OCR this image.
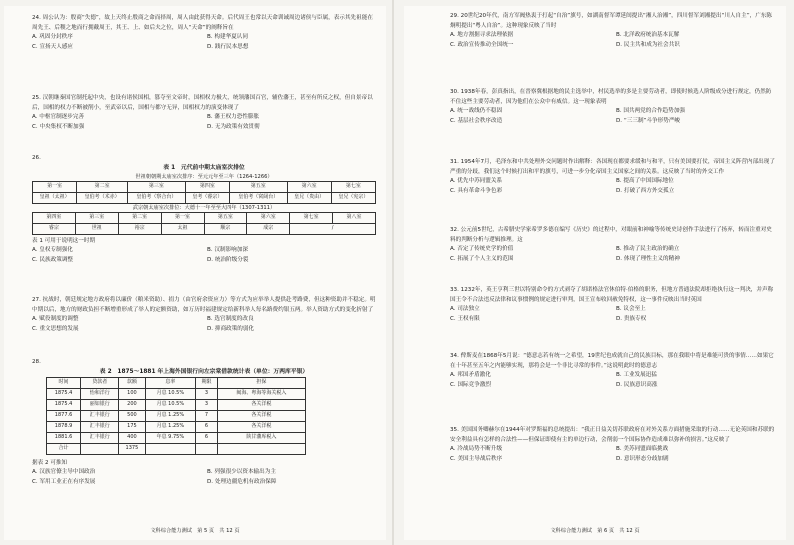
24. 周公认为：殷商“失德”，故上天终止殷商之命而择周，周人由此获得天命。后代周王也常以天命训诫周边诸侯与臣属，表示其先祖能在周先王、后稷之地而行拥戴周王，其王、上、如后夫之位，周人“天命”的阐释旨在

A. 巩固分封秩序	B. 构建华夏认同
C. 宣扬天人感应	D. 践行民本思想

25. 汉朝继秦国官制托起中央，也设有诸侯国相，篡夺至文帝时，国相权力极大，统领藩国百官，辅佐藩王，甚至有所反之权，但自景帝以后，国相的权力不断被削小，至武帝以后，国相与都守无异，国相权力的演变体现了

A. 中枢官制逐步完善	B. 藩王权力恐性膨胀
C. 中央集权不断加强	D. 无为政策有效贯彻

26.

表 1　元代前中期太庙室次排位
世祖朝朝期太庙室次排序：至元元年至三年（1264-1266）
第一室	第二室	第三室	第四室	第五室	第六室	第七室
皇祖（太祖）	皇伯考（术赤）	皇伯考（察合台）	皇考（睿宗）	皇伯考（窝阔台）	皇兄（贵由）	皇兄（宪宗）
武宗朝太庙室次排位：大德十一年至至大四年（1307-1311）
第四室	第三室	第二室	第一室	第五室	第六室	第七室	第八室
睿宗	世祖	裕宗	太祖	顺宗	成宗	/	

表 1 可用于说明这一时期

A. 皇权专制强化	B. 汉制影响加深
C. 民族政策调整	D. 统治阶级分裂

27. 抗战时，朝廷规定地方政府将以廉价（粮米资助）、捐力（由官府余资应力）等方式为应举举人提供赴考路费，但这种资助并不稳定。明中期以后，地方的财政负担不断增重形成了举人的定额资助，如万历时福建规定给新科举人每名路费约银五两。举人资助方式的变化折射了

A. 赋役制度的调整	B. 选官制度的改良
C. 重文思想的发展	D. 抑商政策的弱化

28.

表 2　1875～1881 年上海外国银行向左宗棠借款统计表（单位：万两库平银）
时间	贷款者	款额	息率	期限	担保
1875.4	怡和洋行	100	月息 10.5%	3	闽海、粤海等海关税入
1875.4	丽如银行	200	月息 10.5%	3	各关洋税
1877.6	汇丰银行	500	月息 1.25%	7	各关洋税
1878.9	汇丰银行	175	月息 1.25%	6	各关洋税
1881.6	汇丰银行	400	年息 9.75%	6	陕甘藩库税入
合计		1375			

据表 2 可推知

A. 汉族官僚主导中国政治	B. 列强很少以资本输出为主
C. 军用工业正在有序发展	D. 处理边疆危机有政治保障
文科综合能力测试　第 5 页　共 12 页

29. 20世纪20年代，南方军阀热衷于打起“自治”旗号，如湖南督军谭延闿提出“湘人治湘”，四川督军刘湘提出“川人自主”，广东陈炯明提出“粤人自治”。这种现象反映了当时

A. 地方割据寻求法理依据	B. 北洋政府统治基本瓦解
C. 政治宣传推动全国统一	D. 民主共和成为社会共识

30. 1938年春，彭真指出，在晋察冀根据地的民主选举中，村民选举的多是主要劳动者，即使时候选人阶级成分进行规定，仍然防不住这些主要劳动者，因为他们在公众中有威信。这一现象表明

A. 统一战线仍不稳固	B. 国共两党的合作趋势加强
C. 基层社会秩序改造	D. “三三制”斗争形势严峻

31. 1954年7月，毛泽东和中共处理外交问题时作出解释：各国现在都要求缓和与和平，只有美国要打仗，帝国主义阵营内部出现了严重的分歧，我们这个时候打出和平的旗号，可进一步分化帝国主义国家之间的关系。这反映了当时的外交工作

A. 优先中苏同盟关系	B. 提高了中国国际地位
C. 具有革命斗争色彩	D. 打破了西方外交孤立

32. 公元前5世纪，古希腊史学家希罗多德在编写《历史》的过程中，对眼前和神喻等传统史诗创作手法进行了扬弃，转而注重对史料的判断分析与逻辑推理。这

A. 否定了传统史学的价值	B. 推动了民主政治的确立
C. 拓展了个人主义的范围	D. 体现了理性主义的精神

33. 1232年，英王亨利三世以特别命令的方式剥夺了胡诺格法官休伯特·伯格的职务，但地方普通法院却拒绝执行这一判决，并声称国王令不合法违反法律和议事惯例的规定进行审判，国王宣布收回赦免特权，这一事件反映出当时英国

A. 司法独立	B. 议会至上
C. 王权有限	D. 贵族专权

34. 俾斯麦在1868年5月说：“德意志若有统一之希望，19世纪也成就自己的民族目标，那在我眼中将是难能可贵的事情……如果它在十年甚至五年之内能够实现，那将会是一个非比寻常的事件。”这说明此时的德意志

A. 邦国矛盾激化	B. 工业发展迅猛
C. 国际竞争激烈	D. 民族意识高涨

35. 美国国务卿赫尔在1944年对罗斯福的总统提出：“我正日益关切苏联政府在对外关系方面措施采取的行动……无论英国和苏联的安全利益具有怎样的合法性——但保证即使有主的单边行动，会削弱一个国际协作造成难以弥补的损害。”这反映了

A. 冷战局势不断升级	B. 美苏同盟面临挑战
C. 美国主导战后秩序	D. 意识形态分歧加剧
文科综合能力测试　第 6 页　共 12 页
